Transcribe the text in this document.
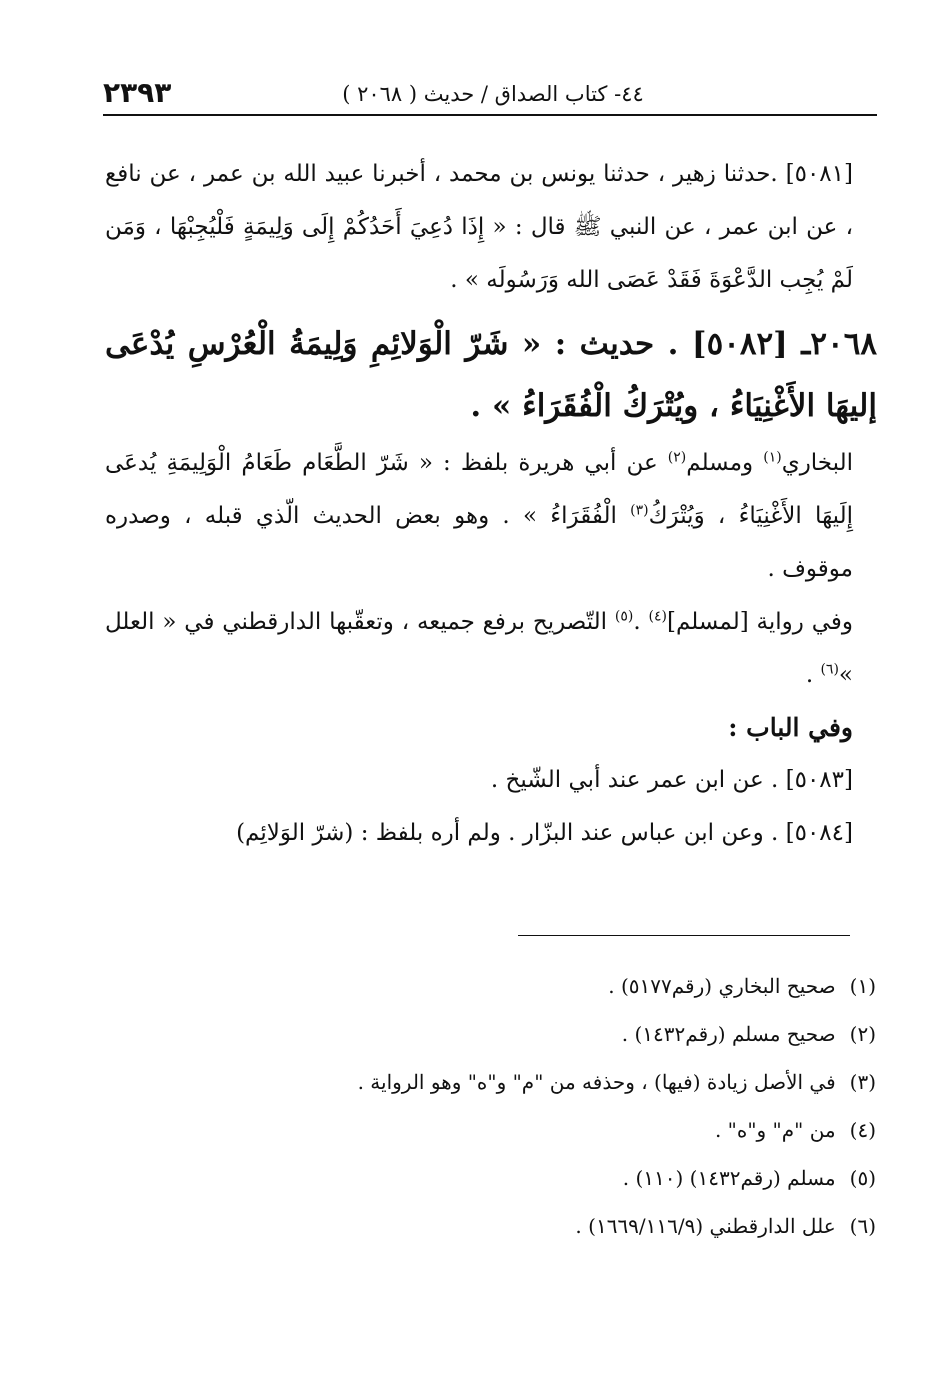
٢٣٩٣	٤٤- كتاب الصداق / حديث ( ٢٠٦٨ )

[٥٠٨١] .حدثنا زهير ، حدثنا يونس بن محمد ، أخبرنا عبيد الله بن عمر ، عن نافع ، عن ابن عمر ، عن النبي ﷺ قال : « إِذَا دُعِيَ أَحَدُكُمْ إِلَى وَلِيمَةٍ فَلْيُجِبْهَا ، وَمَن لَمْ يُجِب الدَّعْوَةَ فَقَدْ عَصَى الله وَرَسُولَه » .

٢٠٦٨ـ [٥٠٨٢] . حديث : « شَرّ الْوَلائِمِ وَلِيمَةُ الْعُرْسِ يُدْعَى إليهَا الأَغْنِيَاءُ ، ويُتْرَكُ الْفُقَرَاءُ » .

البخاري$^{(١)}$ ومسلم$^{(٢)}$ عن أبي هريرة بلفظ : « شَرّ الطَّعَام طَعَامُ الْوَلِيمَةِ يُدعَى إِلَيهَا الأَغْنِيَاءُ ، وَيُتْرَكُ$^{(٣)}$ الْفُقَرَاءُ » . وهو بعض الحديث الّذي قبله ، وصدره موقوف .

وفي رواية [لمسلم]$^{(٤)}$ .$^{(٥)}$ التّصريح برفع جميعه ، وتعقّبها الدارقطني في « العلل »$^{(٦)}$ .

وفي الباب :

[٥٠٨٣] . عن ابن عمر عند أبي الشّيخ .

[٥٠٨٤] . وعن ابن عباس عند البزّار . ولم أره بلفظ : (شرّ الوَلائِم)

(١) صحيح البخاري (رقم٥١٧٧) .

(٢) صحيح مسلم (رقم١٤٣٢) .

(٣) في الأصل زيادة (فيها) ، وحذفه من "م" و"ه" وهو الرواية .

(٤) من "م" و"ه" .

(٥) مسلم (رقم١٤٣٢) (١١٠) .

(٦) علل الدارقطني (١٦٦٩/١١٦/٩) .
